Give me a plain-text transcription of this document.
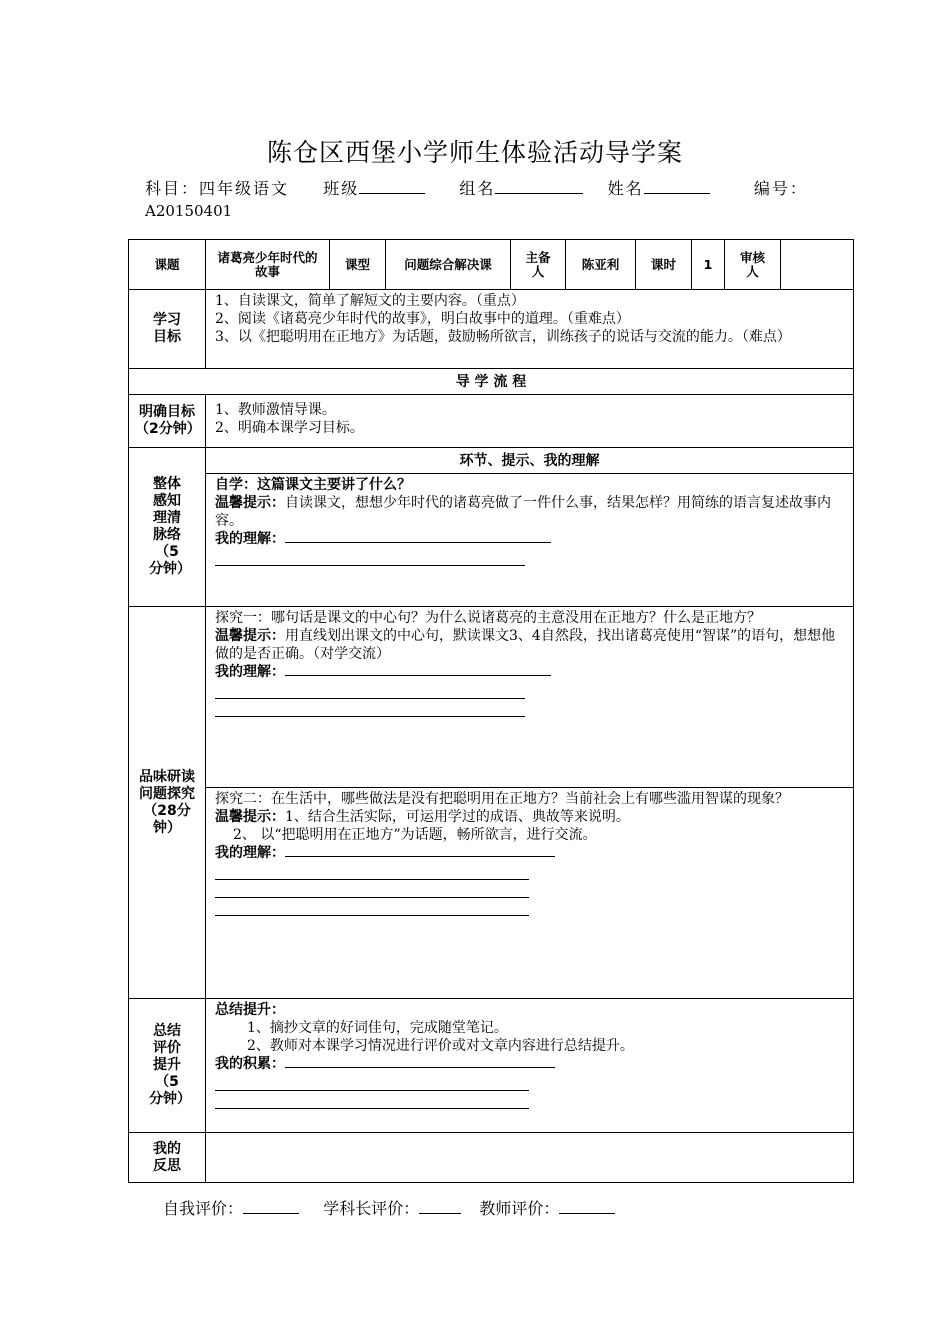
陈仓区西堡小学师生体验活动导学案
科目：四年级语文 班级	组名	姓名	编号：
A20150401
课题	诸葛亮少年时代的故事	课型	问题综合解决课	主备人	陈亚利	课时	1	审核人	

学习目标	1、自读课文，简单了解短文的主要内容。（重点）
2、阅读《诸葛亮少年时代的故事》，明白故事中的道理。（重难点）
3、以《把聪明用在正地方》为话题，鼓励畅所欲言，训练孩子的说话与交流的能力。（难点）								

导 学 流 程									

明确目标（2分钟）	1、教师激情导课。
2、明确本课学习目标。								

整体感知理清脉络（5分钟）	环节、提示、我的理解								

	自学：这篇课文主要讲了什么？
温馨提示：自读课文，想想少年时代的诸葛亮做了一件什么事，结果怎样？用简练的语言复述故事内容。
我的理解：								

品味研读问题探究（28分钟）	探究一：哪句话是课文的中心句？为什么说诸葛亮的主意没用在正地方？什么是正地方？
温馨提示：用直线划出课文的中心句，默读课文3、4自然段，找出诸葛亮使用“智谋”的语句，想想他做的是否正确。（对学交流）
我的理解：								

	探究二：在生活中，哪些做法是没有把聪明用在正地方？当前社会上有哪些滥用智谋的现象？
温馨提示：1、结合生活实际，可运用学过的成语、典故等来说明。
2、 以“把聪明用在正地方”为话题，畅所欲言，进行交流。
我的理解：								

总结评价提升（5分钟）	总结提升：
1、摘抄文章的好词佳句，完成随堂笔记。
2、教师对本课学习情况进行评价或对文章内容进行总结提升。
我的积累：								

我的反思									

自我评价：	学科长评价：	教师评价：
